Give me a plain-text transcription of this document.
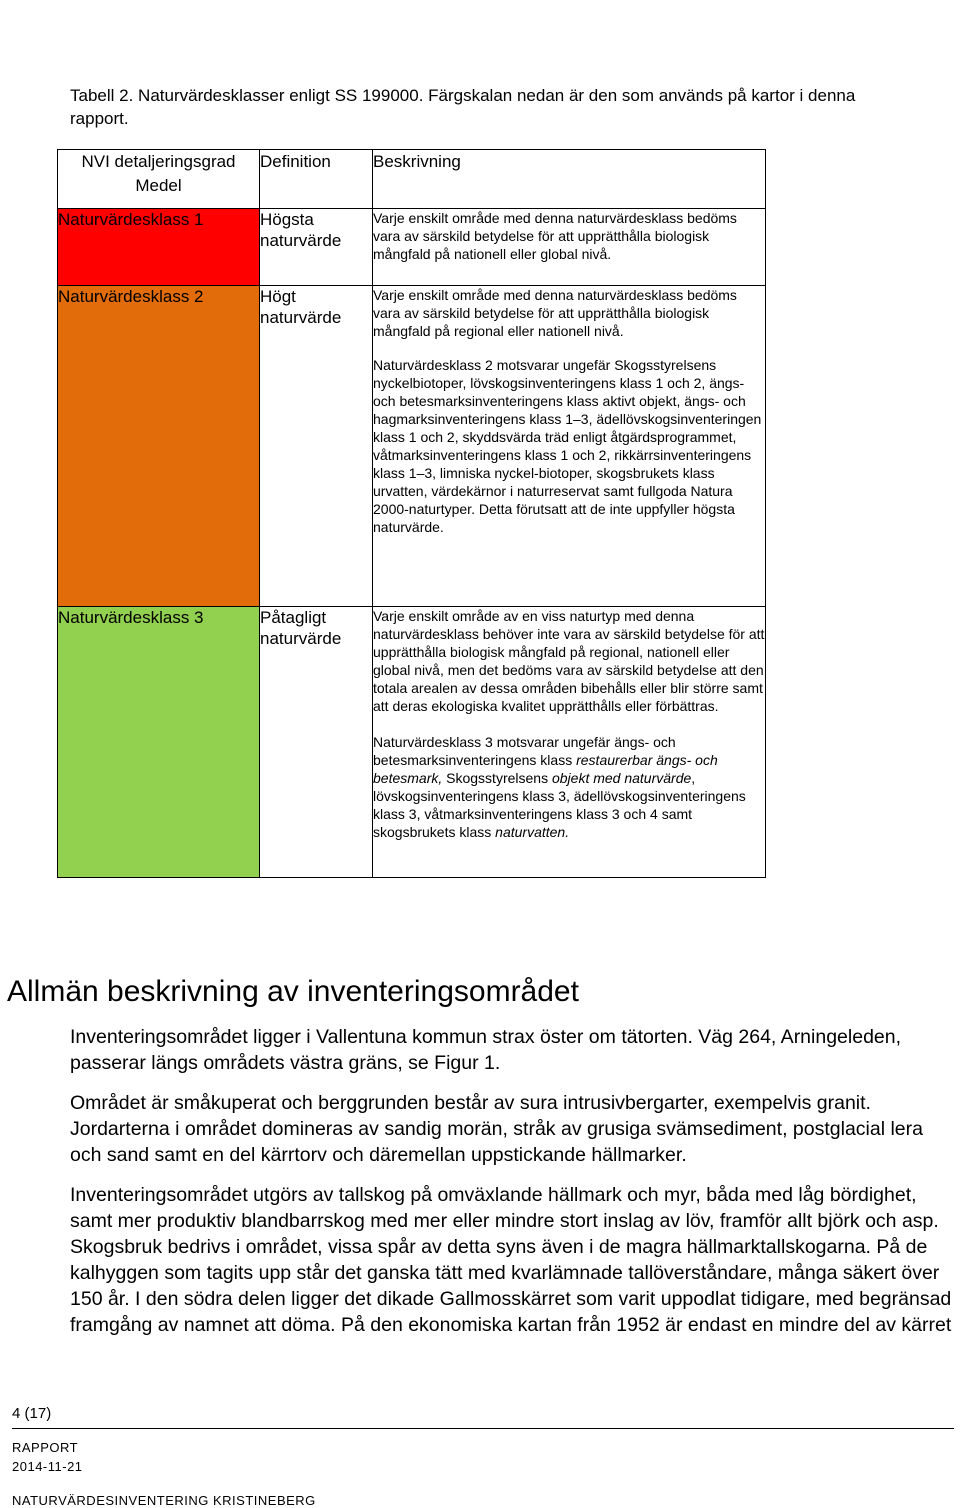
Tabell 2. Naturvärdesklasser enligt SS 199000. Färgskalan nedan är den som används på kartor i denna rapport.
NVI detaljeringsgrad Medel	Definition	Beskrivning
Naturvärdesklass 1	Högsta naturvärde	Varje enskilt område med denna naturvärdesklass bedöms vara av särskild betydelse för att upprätthålla biologisk mångfald på nationell eller global nivå.

Naturvärdesklass 2	Högt naturvärde	Varje enskilt område med denna naturvärdesklass bedöms vara av särskild betydelse för att upprätthålla biologisk mångfald på regional eller nationell nivå.

Naturvärdesklass 2 motsvarar ungefär Skogsstyrelsens nyckelbiotoper, lövskogsinventeringens klass 1 och 2, ängs- och betesmarksinventeringens klass aktivt objekt, ängs- och hagmarksinventeringens klass 1–3, ädellövskogsinventeringen klass 1 och 2, skyddsvärda träd enligt åtgärdsprogrammet, våtmarksinventeringens klass 1 och 2, rikkärrsinventeringens klass 1–3, limniska nyckel-biotoper, skogsbrukets klass urvatten, värdekärnor i naturreservat samt fullgoda Natura 2000-naturtyper. Detta förutsatt att de inte uppfyller högsta naturvärde.

Naturvärdesklass 3	Påtagligt naturvärde	Varje enskilt område av en viss naturtyp med denna naturvärdesklass behöver inte vara av särskild betydelse för att upprätthålla biologisk mångfald på regional, nationell eller global nivå, men det bedöms vara av särskild betydelse att den totala arealen av dessa områden bibehålls eller blir större samt att deras ekologiska kvalitet upprätthålls eller förbättras.

Naturvärdesklass 3 motsvarar ungefär ängs- och betesmarksinventeringens klass restaurerbar ängs- och betesmark, Skogsstyrelsens objekt med naturvärde, lövskogsinventeringens klass 3, ädellövskogsinventeringens klass 3, våtmarksinventeringens klass 3 och 4 samt skogsbrukets klass naturvatten.

Allmän beskrivning av inventeringsområdet

Inventeringsområdet ligger i Vallentuna kommun strax öster om tätorten. Väg 264, Arningeleden, passerar längs områdets västra gräns, se Figur 1.

Området är småkuperat och berggrunden består av sura intrusivbergarter, exempelvis granit. Jordarterna i området domineras av sandig morän, stråk av grusiga svämsediment, postglacial lera och sand samt en del kärrtorv och däremellan uppstickande hällmarker.

Inventeringsområdet utgörs av tallskog på omväxlande hällmark och myr, båda med låg bördighet, samt mer produktiv blandbarrskog med mer eller mindre stort inslag av löv, framför allt björk och asp. Skogsbruk bedrivs i området, vissa spår av detta syns även i de magra hällmarktallskogarna. På de kalhyggen som tagits upp står det ganska tätt med kvarlämnade tallöverståndare, många säkert över 150 år. I den södra delen ligger det dikade Gallmosskärret som varit uppodlat tidigare, med begränsad framgång av namnet att döma. På den ekonomiska kartan från 1952 är endast en mindre del av kärret

4 (17)
RAPPORT
2014-11-21
NATURVÄRDESINVENTERING KRISTINEBERG
